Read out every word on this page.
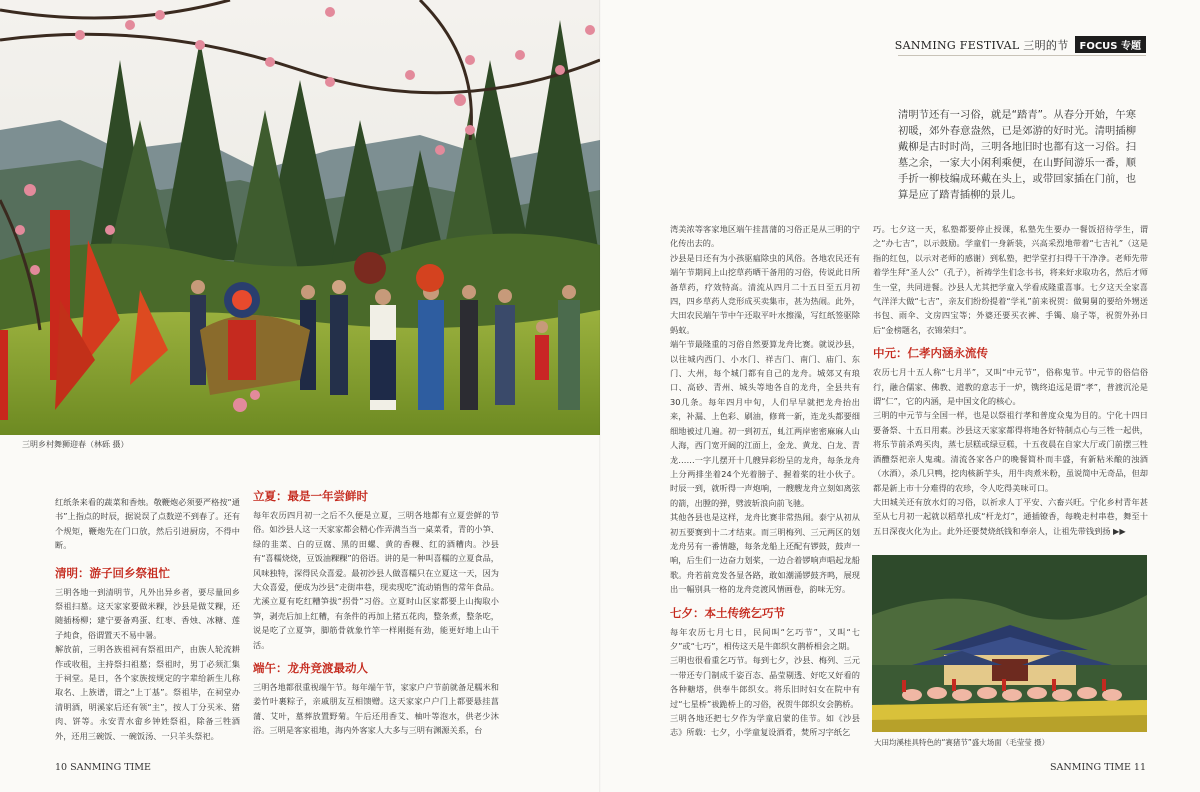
三明乡村舞狮迎春（林砾 摄）
SANMING FESTIVAL 三明的节	FOCUS 专题

清明节还有一习俗，就是“踏青”。从春分开始，午寒初暖，郊外春意盎然，已是郊游的好时光。清明插柳戴柳是古时时尚，三明各地旧时也都有这一习俗。扫墓之余，一家大小闲利乘便，在山野间游乐一番，顺手折一柳枝编成环戴在头上，或带回家插在门前，也算是应了踏青插柳的景儿。

红纸条来看的蔬菜和香烛。敬鞭炮必须要严格按“通书”上指点的时辰，据说误了点数逆不到春了。还有个规矩，鞭炮先在门口放，然后引进厨房，不得中断。

清明：游子回乡祭祖忙

三明各地一到清明节，凡外出异乡者，要尽量回乡祭祖扫墓。这天家家要做米粿，沙县是做艾粿，还随插杨柳；建宁要备鸡蛋、红枣、香烛、冰糖、莲子炖食，俗谓置天不易中暑。

解放前，三明各族祖祠有祭祖田产，由族人轮流耕作或收租，主持祭扫祖墓；祭祖时，男丁必须汇集于祠堂。是日，各个家族按规定的字辈给新生儿称取名、上族谱，谓之“上丁基”。祭祖毕，在祠堂办清明酒，明溪家后还有领“主”，按人丁分买米、猪肉、饼等。永安青水畲乡钟姓祭祖，除备三牲酒外，还用三碗饭、一碗饭汤、一只羊头祭祀。

立夏：最是一年尝鲜时

每年农历四月初一之后不久便是立夏，三明各地都有立夏尝鲜的节俗。如沙县人这一天家家都会精心作弄满当当一桌菜肴，青的小笋、绿的韭菜、白的豆腐、黑的田螺、黄的香粿、红的酒糟肉。沙县有“喜糯烧烧，豆饭油粿粿”的俗语。讲的是一种叫喜糯的立夏食品，风味独特，深得民众喜爱。最初沙县人做喜糯只在立夏这一天，因为大众喜爱，便成为沙县“走街串巷，现卖现吃”流动销售的常年食品。

尤溪立夏有吃红糟笋拔“拐骨”习俗。立夏时山区家都要上山掏取小笋，剥壳后加上红糟，有条件的再加上猪五花肉，整条煮，整条吃，说是吃了立夏笋，脚筋骨就象竹竿一样刚挺有劲，能更好地上山干活。

端午：龙舟竞渡最动人

三明各地都很重视端午节。每年端午节，家家户户节前就备足糯米和姜竹叶裹粽子，亲戚朋友互相馈赠。这天家家户户门上都要悬挂菖蒲、艾叶，墓葬放置野菊。午后还用香艾、柚叶等泡水，供老少沐浴。三明是客家祖地，海内外客家人大多与三明有渊源关系，台

湾美浓等客家地区端午挂菖蒲的习俗正是从三明的宁化传出去的。

沙县是日还有为小孩驱瘟除虫的风俗。各地农民还有端午节期间上山挖草药晒干备用的习俗，传说此日所备草药，疗效特高。清流从四月二十五日至五月初四，四乡草药人竞形成买卖集市，甚为热闹。此外，大田农民端午节中午还取平叶水擦澡，写红纸签驱除蚂蚁。

端午节最隆重的习俗自然要算龙舟比赛。就说沙县，以往城内西门、小水门、祥吉门、南门、庙门、东门、大州，每个城门都有自己的龙舟。城郊又有琅口、高砂、青州、城头等地各自的龙舟，全县共有30几条。每年四月中旬，人们早早就把龙舟抬出来，补漏、上色彩、刷油，修葺一新，连龙头都要细细地被过几遍。初一到初五，虬江两岸密密麻麻人山人海，西门宽开阔的江面上，金龙、黄龙、白龙、青龙……一字儿摆开十几艘异彩纷呈的龙舟，每条龙舟上分两排坐着24个光着膀子、握着桨的壮小伙子。时辰一到，就听得一声炮响，一艘艘龙舟立刻如离弦的箭，出膛的弹，劈波斩浪向前飞驰。

其他各县也是这样，龙舟比赛非常热闹。泰宁从初从初五要赛到十二才结束。而三明梅列、三元两区的划龙舟另有一番情趣，每条龙船上还配有锣鼓，鼓声一响，后生们一边奋力划桨，一边合着锣响声唱起龙船歌。舟若前竞发各显各路，敢如潮涌锣鼓齐鸣，展现出一幅别具一格的龙舟竞渡风情画卷，韵味无穷。

七夕：本土传统乞巧节

每年农历七月七日，民间叫“乞巧节”，又叫“七夕”或“七巧”，相传这天是牛郎织女鹊桥相会之期。

三明也很看重乞巧节。每到七夕，沙县、梅列、三元一带还专门制成千姿百态、晶莹剔透、好吃又好看的各种糖塔，供奉牛郎织女。将乐旧时妇女在院中有过“七星桥”祓跪桥上的习俗，祝贺牛郎织女会鹊桥。

三明各地还把七夕作为学童启蒙的佳节。如《沙县志》所载：七夕，小学童复设酒肴，焚所习字纸乞

巧。七夕这一天，私塾都要停止授课，私塾先生要办一餐饭招待学生，谓之“办七吉”，以示鼓励。学童们一身新装，兴高采烈地带着“七吉礼”（这是指的红包，以示对老师的感谢）到私塾，把学堂打扫得干干净净。老师先带着学生拜“圣人公”（孔子），祈祷学生们念书书，将来好求取功名，然后才师生一堂，共同进餐。沙县人尤其把学童入学看成隆重喜事。七夕这天全家喜气洋洋大做“七吉”，亲友们纷纷提着“学礼”前来祝贺：做舅舅的要给外甥送书包、雨伞、文房四宝等；外婆还要买衣裤、手镯、扇子等，祝贺外孙日后“金榜题名，衣锦荣归”。

中元：仁孝内涵永流传

农历七月十五人称“七月半”，又叫“中元节”，俗称鬼节。中元节的俗信俗行，融合儒家、佛教、道教的意志于一炉，镌终追远是谓“孝”，普渡沉沦是谓“仁”，它的内涵，是中国文化的核心。

三明的中元节与全国一样，也是以祭祖行孝和普度众鬼为目的。宁化十四日要备祭、十五日用素。沙县这天家家都得将地各好特制点心与三牲一起供，将乐节前杀鸡买肉，蒸七层糕或绿豆糕，十五夜晨在自家大厅或门前摆三牲酒醴祭祀亲人鬼魂。清流各家各户的晚餐简朴而丰盛，有新粘米酿的浊酒（水酒），杀几只鸭，挖肉核新芋头，用牛肉煮米粉，虽说简中无奇品，但却都是新上市十分难得的农珍，令人吃得美味可口。

大田城关还有放水灯的习俗，以祈求人丁平安、六畜兴旺。宁化乡村青年甚至从七月初一起就以稻草扎成“杆龙灯”，通插镣香，每晚走村串巷，舞至十五日深夜火化为止。此外还要焚烧纸钱和奉亲人，让祖先带钱到扬 ▶▶

大田均溪桂具特色的“赛猪节”盛大场面（毛莹莹 摄）
10 SANMING TIME	SANMING TIME 11
